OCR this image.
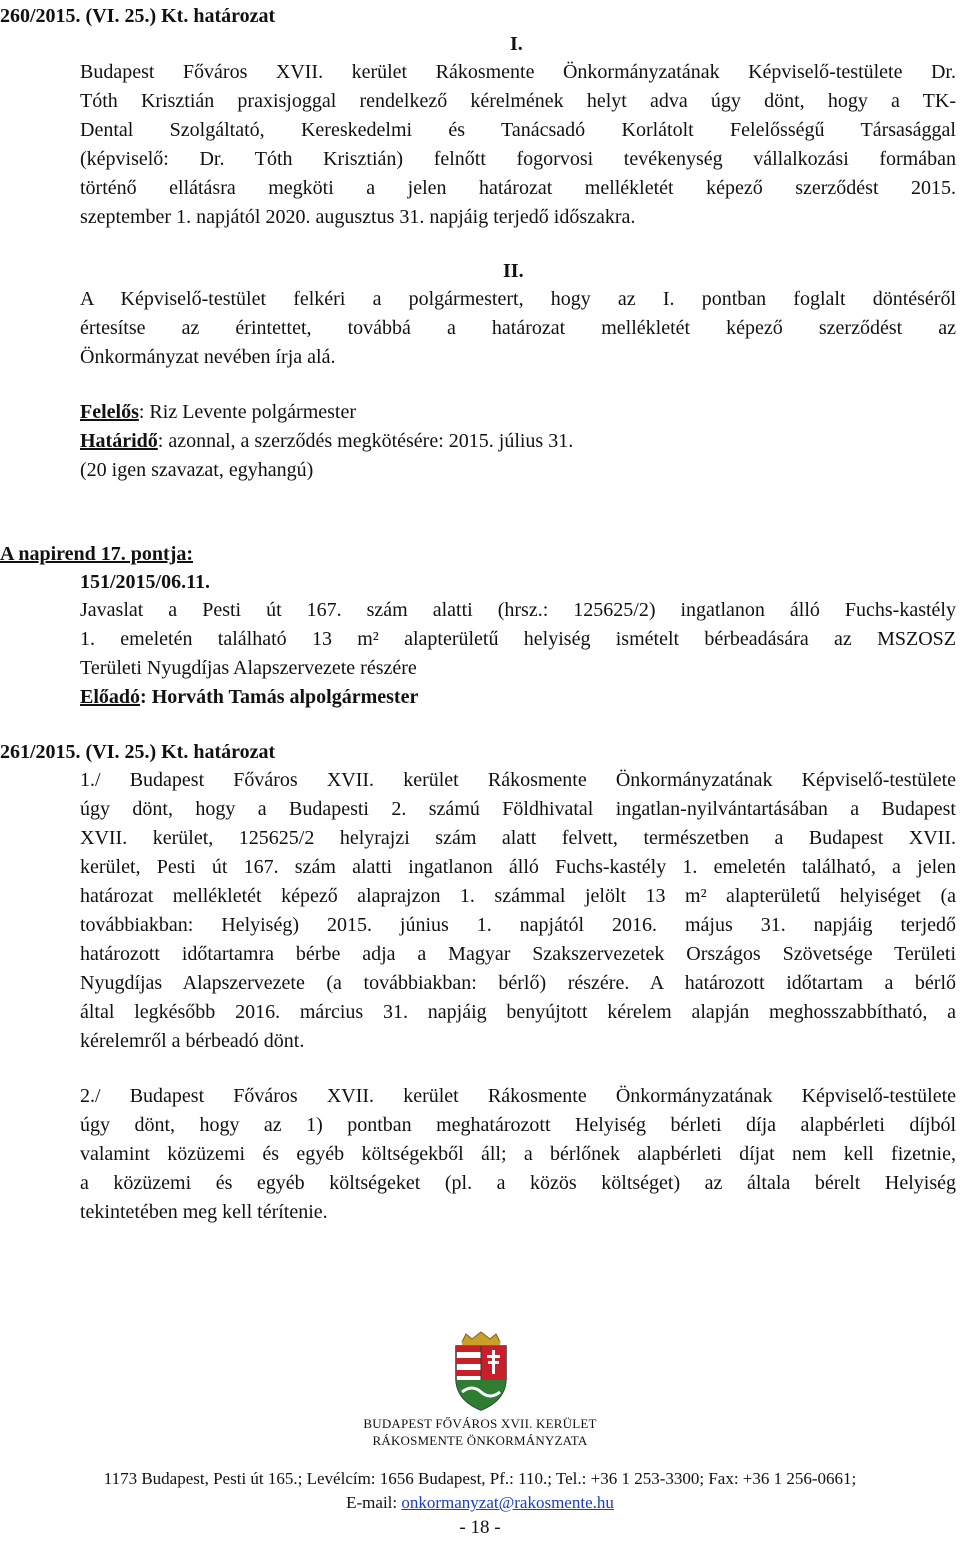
260/2015. (VI. 25.) Kt. határozat
I.
Budapest Főváros XVII. kerület Rákosmente Önkormányzatának Képviselő-testülete Dr.
Tóth Krisztián praxisjoggal rendelkező kérelmének helyt adva úgy dönt, hogy a TK-
Dental Szolgáltató, Kereskedelmi és Tanácsadó Korlátolt Felelősségű Társasággal
(képviselő: Dr. Tóth Krisztián) felnőtt fogorvosi tevékenység vállalkozási formában
történő ellátásra megköti a jelen határozat mellékletét képező szerződést 2015.
szeptember 1. napjától 2020. augusztus 31. napjáig terjedő időszakra.
II.
A Képviselő-testület felkéri a polgármestert, hogy az I. pontban foglalt döntéséről
értesítse az érintettet, továbbá a határozat mellékletét képező szerződést az
Önkormányzat nevében írja alá.
Felelős: Riz Levente polgármester
Határidő: azonnal, a szerződés megkötésére: 2015. július 31.
(20 igen szavazat, egyhangú)
A napirend 17. pontja:
151/2015/06.11.
Javaslat a Pesti út 167. szám alatti (hrsz.: 125625/2) ingatlanon álló Fuchs-kastély
1. emeletén található 13 m² alapterületű helyiség ismételt bérbeadására az MSZOSZ
Területi Nyugdíjas Alapszervezete részére
Előadó: Horváth Tamás alpolgármester
261/2015. (VI. 25.) Kt. határozat
1./ Budapest Főváros XVII. kerület Rákosmente Önkormányzatának Képviselő-testülete
úgy dönt, hogy a Budapesti 2. számú Földhivatal ingatlan-nyilvántartásában a Budapest
XVII. kerület, 125625/2 helyrajzi szám alatt felvett, természetben a Budapest XVII.
kerület, Pesti út 167. szám alatti ingatlanon álló Fuchs-kastély 1. emeletén található, a jelen
határozat mellékletét képező alaprajzon 1. számmal jelölt 13 m² alapterületű helyiséget (a
továbbiakban: Helyiség) 2015. június 1. napjától 2016. május 31. napjáig terjedő
határozott időtartamra bérbe adja a Magyar Szakszervezetek Országos Szövetsége Területi
Nyugdíjas Alapszervezete (a továbbiakban: bérlő) részére. A határozott időtartam a bérlő
által legkésőbb 2016. március 31. napjáig benyújtott kérelem alapján meghosszabbítható, a
kérelemről a bérbeadó dönt.
2./ Budapest Főváros XVII. kerület Rákosmente Önkormányzatának Képviselő-testülete
úgy dönt, hogy az 1) pontban meghatározott Helyiség bérleti díja alapbérleti díjból
valamint közüzemi és egyéb költségekből áll; a bérlőnek alapbérleti díjat nem kell fizetnie,
a közüzemi és egyéb költségeket (pl. a közös költséget) az általa bérelt Helyiség
tekintetében meg kell térítenie.
BUDAPEST FŐVÁROS XVII. KERÜLET
RÁKOSMENTE ÖNKORMÁNYZATA
1173 Budapest, Pesti út 165.; Levélcím: 1656 Budapest, Pf.: 110.; Tel.: +36 1 253-3300; Fax: +36 1 256-0661;
E-mail: onkormanyzat@rakosmente.hu
- 18 -
